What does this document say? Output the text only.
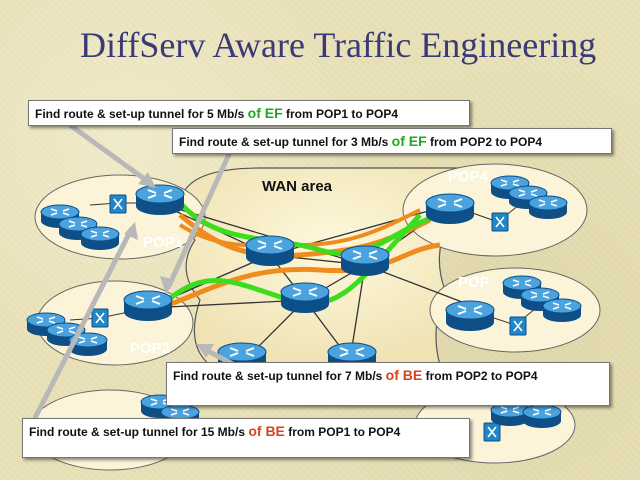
DiffServ Aware Traffic Engineering
WAN area
POP1
POP2
POP4
POP
Find route & set-up tunnel for 5 Mb/s of EF from POP1 to POP4
Find route & set-up tunnel for 3 Mb/s of EF from POP2 to POP4
Find route & set-up tunnel for 7 Mb/s of BE from POP2 to POP4
Find route & set-up tunnel for 15 Mb/s of BE from POP1 to POP4
